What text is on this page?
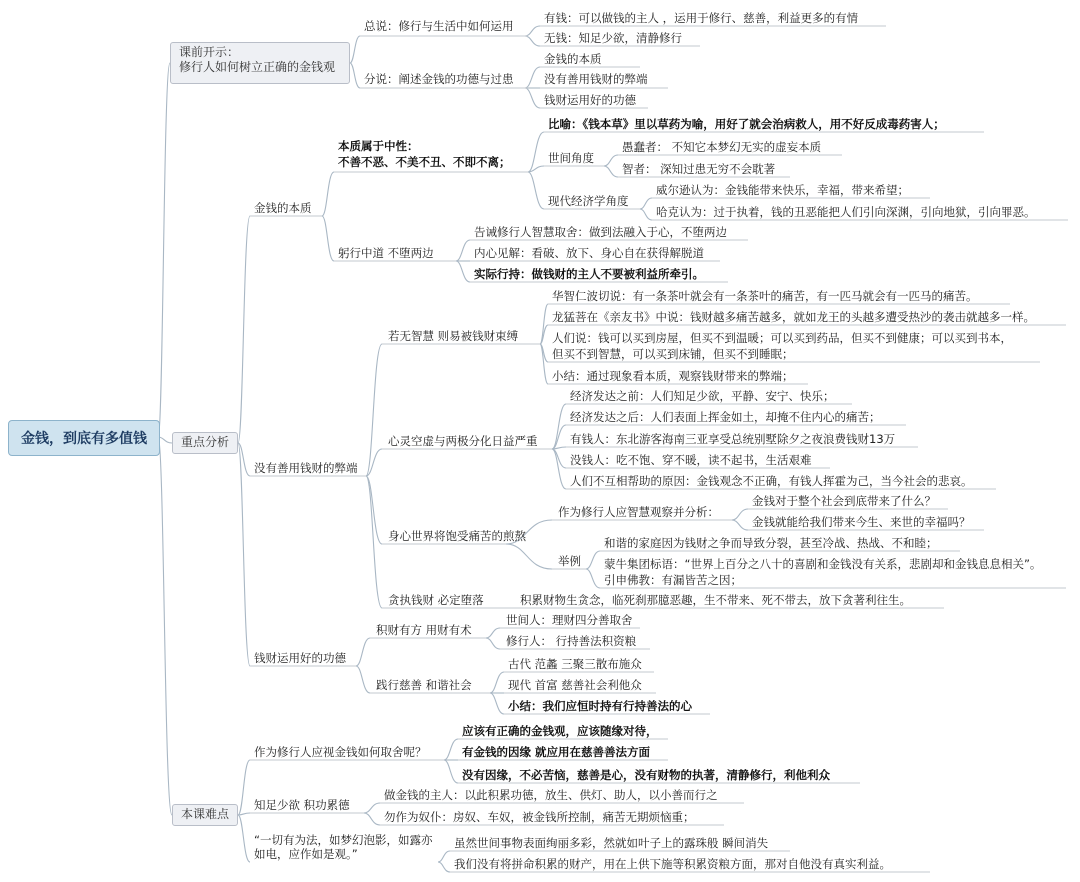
金钱，到底有多值钱
课前开示：
修行人如何树立正确的金钱观
重点分析
本课难点
总说：修行与生活中如何运用
有钱：可以做钱的主人 ，运用于修行、慈善，利益更多的有情
无钱：知足少欲，清静修行
分说：阐述金钱的功德与过患
金钱的本质
没有善用钱财的弊端
钱财运用好的功德
金钱的本质
本质属于中性：
不善不恶、不美不丑、不即不离；
比喻：《钱本草》里以草药为喻，用好了就会治病救人，用不好反成毒药害人；
世间角度
愚蠢者： 不知它本梦幻无实的虚妄本质
智者： 深知过患无穷不会耽著
现代经济学角度
威尔逊认为：金钱能带来快乐，幸福，带来希望；
哈克认为：过于执着，钱的丑恶能把人们引向深渊，引向地狱，引向罪恶。
躬行中道 不堕两边
告诫修行人智慧取舍：做到法融入于心，不堕两边
内心见解：看破、放下、身心自在获得解脱道
实际行持：做钱财的主人不要被利益所牵引。
没有善用钱财的弊端
若无智慧 则易被钱财束缚
华智仁波切说：有一条茶叶就会有一条茶叶的痛苦，有一匹马就会有一匹马的痛苦。
龙猛菩在《亲友书》中说：钱财越多痛苦越多，就如龙王的头越多遭受热沙的袭击就越多一样。
人们说：钱可以买到房屋，但买不到温暖；可以买到药品，但买不到健康；可以买到书本，
但买不到智慧，可以买到床铺，但买不到睡眠；
小结：通过现象看本质，观察钱财带来的弊端；
心灵空虚与两极分化日益严重
经济发达之前：人们知足少欲，平静、安宁、快乐；
经济发达之后：人们表面上挥金如土，却掩不住内心的痛苦；
有钱人：东北游客海南三亚享受总统别墅除夕之夜浪费钱财13万
没钱人：吃不饱、穿不暖，读不起书，生活艰难
人们不互相帮助的原因：金钱观念不正确，有钱人挥霍为己，当今社会的悲哀。
身心世界将饱受痛苦的煎熬
作为修行人应智慧观察并分析：
金钱对于整个社会到底带来了什么？
金钱就能给我们带来今生、来世的幸福吗？
举例
和谐的家庭因为钱财之争而导致分裂，甚至冷战、热战、不和睦；
蒙牛集团标语：“世界上百分之八十的喜剧和金钱没有关系，悲剧却和金钱息息相关”。
引申佛教：有漏皆苦之因；
贪执钱财 必定堕落	积累财物生贪念，临死刹那臆恶趣，生不带来、死不带去，放下贪著利往生。
钱财运用好的功德
积财有方 用财有术
世间人：理财四分善取舍
修行人： 行持善法积资粮
践行慈善 和谐社会
古代 范蠡 三聚三散布施众
现代 首富 慈善社会利他众
小结：我们应恒时持有行持善法的心
作为修行人应视金钱如何取舍呢？
应该有正确的金钱观，应该随缘对待，
有金钱的因缘 就应用在慈善善法方面
没有因缘，不必苦恼，慈善是心，没有财物的执著，清静修行，利他利众
知足少欲 积功累德
做金钱的主人：以此积累功德，放生、供灯、助人，以小善而行之
勿作为奴仆：房奴、车奴，被金钱所控制，痛苦无期烦恼重；
“一切有为法，如梦幻泡影，如露亦如电，应作如是观。”
虽然世间事物表面绚丽多彩，然就如叶子上的露珠般 瞬间消失
我们没有将拼命积累的财产，用在上供下施等积累资粮方面，那对自他没有真实利益。
